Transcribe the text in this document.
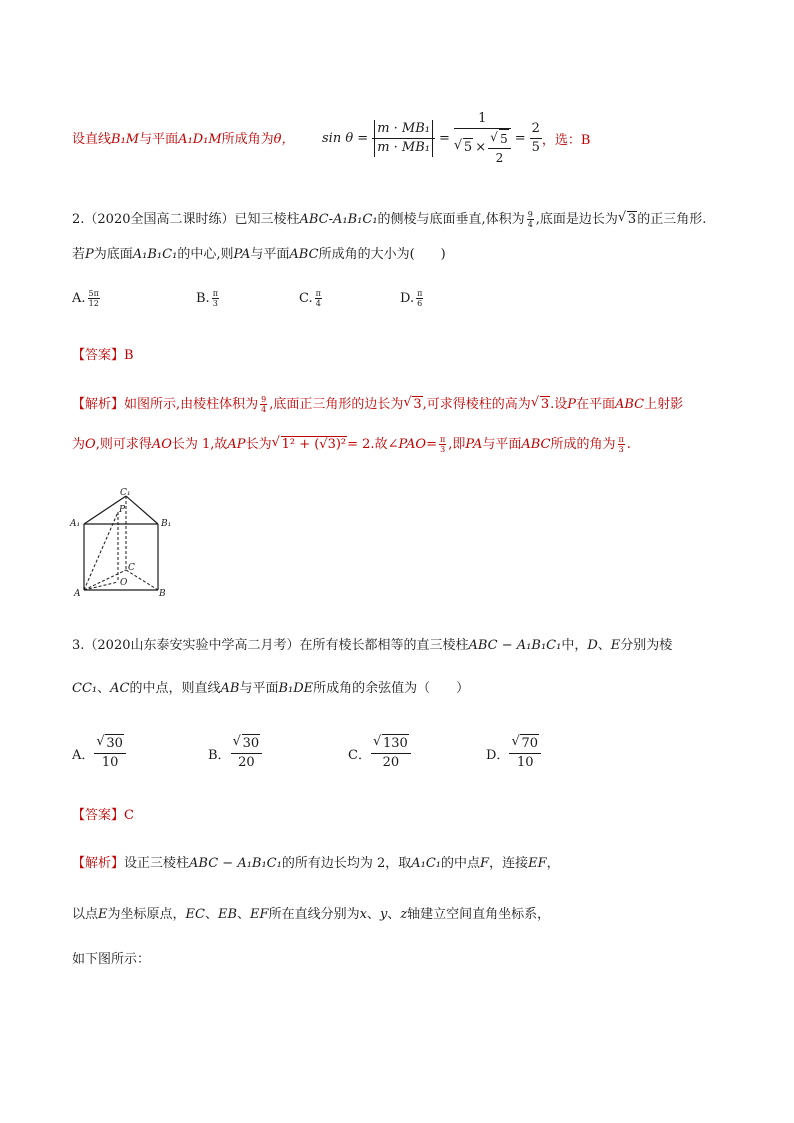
设直线B₁M与平面A₁D₁M所成角为θ， $\sin \theta = \frac{\text{m · MB₁}}{\text{m · MB₁}} = 1$
√ 5 × √ $\frac{5}{2} = \frac{2}{5}$ ，选：B
2.（2020全国高二课时练）已知三棱柱ABC-A₁B₁C₁的侧棱与底面垂直,体积为 $\frac{9}{4}$ ,底面是边长为 √ 3的正三角形.
若P为底面A₁B₁C₁的中心,则PA与平面ABC所成角的大小为(　　)
A. $\frac{5\pi}{12}$	B. $\frac{\pi}{3}$	C. $\frac{\pi}{4}$	D. $\frac{\pi}{6}$
【答案】B
【解析】如图所示,由棱柱体积为 $\frac{9}{4}$ ,底面正三角形的边长为 √ 3,可求得棱柱的高为 √ 3.设P在平面ABC上射影
为O,则可求得AO长为 1,故AP长为 √ 1² + (√3)²= 2.故∠PAO= $\frac{\pi}{3}$ ,即PA与平面ABC所成的角为 $\frac{\pi}{3}$ .
C₁
A₁	B₁
P
C
O
A	B
3.（2020山东泰安实验中学高二月考）在所有棱长都相等的直三棱柱ABC − A₁B₁C₁中，D、E分别为棱
CC₁、AC的中点，则直线AB与平面B₁DE所成角的余弦值为（　　）
A． √ $\frac{30}{10}$	B． √ $\frac{30}{20}$	C． √ $\frac{130}{20}$	D． √ $\frac{70}{10}$
【答案】C
【解析】设正三棱柱ABC − A₁B₁C₁的所有边长均为 2，取A₁C₁的中点F，连接EF，
以点E为坐标原点，EC、EB、EF所在直线分别为x、y、z轴建立空间直角坐标系，
如下图所示：
